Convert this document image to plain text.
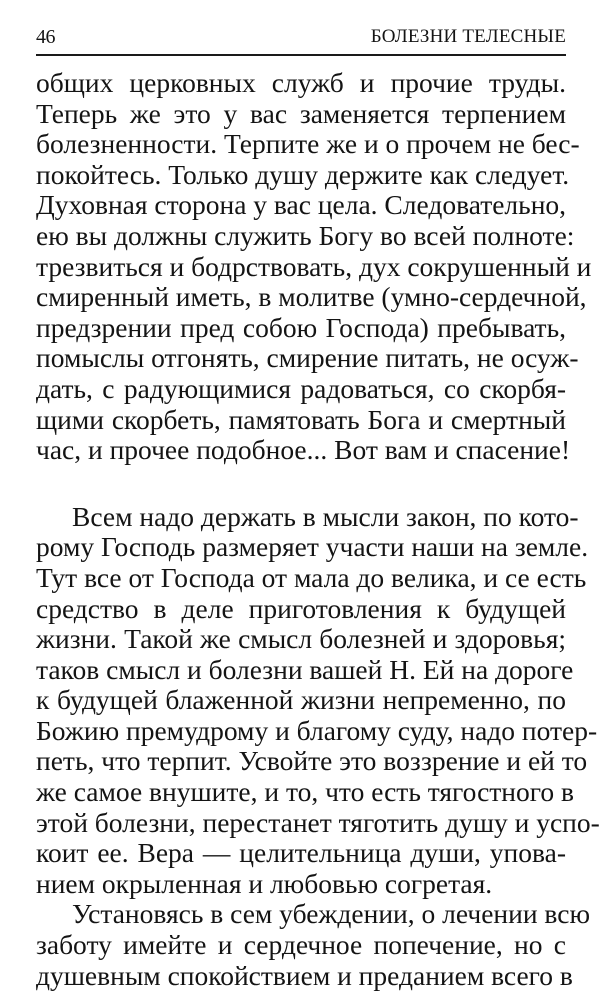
46	БОЛЕЗНИ ТЕЛЕСНЫЕ
общих церковных служб и прочие труды.
Теперь же это у вас заменяется терпением
болезненности. Терпите же и о прочем не бес-
покойтесь. Только душу держите как следует.
Духовная сторона у вас цела. Следовательно,
ею вы должны служить Богу во всей полноте:
трезвиться и бодрствовать, дух сокрушенный и
смиренный иметь, в молитве (умно-сердечной,
предзрении пред собою Господа) пребывать,
помыслы отгонять, смирение питать, не осуж-
дать, с радующимися радоваться, со скорбя-
щими скорбеть, памятовать Бога и смертный
час, и прочее подобное... Вот вам и спасение!
Всем надо держать в мысли закон, по кото-
рому Господь размеряет участи наши на земле.
Тут все от Господа от мала до велика, и се есть
средство в деле приготовления к будущей
жизни. Такой же смысл болезней и здоровья;
таков смысл и болезни вашей Н. Ей на дороге
к будущей блаженной жизни непременно, по
Божию премудрому и благому суду, надо потер-
петь, что терпит. Усвойте это воззрение и ей то
же самое внушите, и то, что есть тягостного в
этой болезни, перестанет тяготить душу и успо-
коит ее. Вера — целительница души, упова-
нием окрыленная и любовью согретая.
Установясь в сем убеждении, о лечении всю
заботу имейте и сердечное попечение, но с
душевным спокойствием и преданием всего в
